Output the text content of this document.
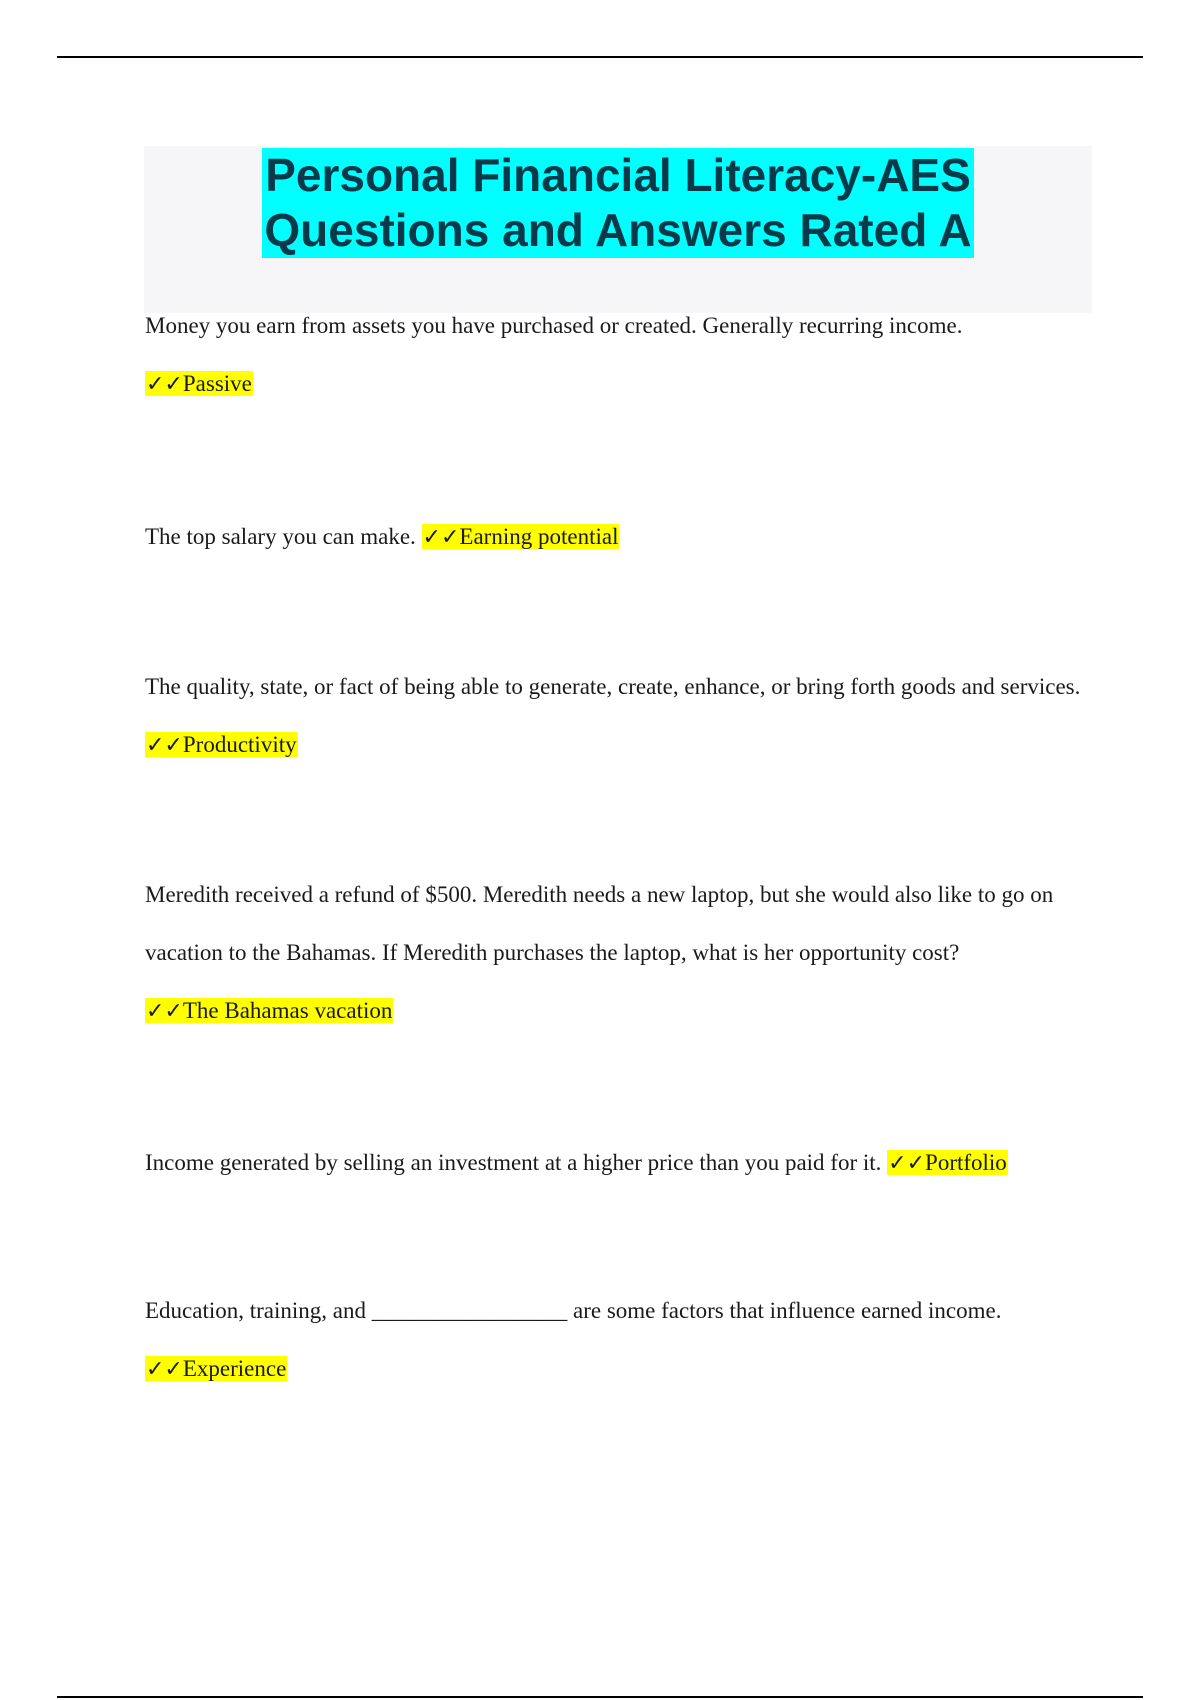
Personal Financial Literacy-AES
Questions and Answers Rated A
Money you earn from assets you have purchased or created. Generally recurring income.
✓✓Passive
The top salary you can make. ✓✓Earning potential
The quality, state, or fact of being able to generate, create, enhance, or bring forth goods and services. ✓✓Productivity
Meredith received a refund of $500. Meredith needs a new laptop, but she would also like to go on vacation to the Bahamas. If Meredith purchases the laptop, what is her opportunity cost?
✓✓The Bahamas vacation
Income generated by selling an investment at a higher price than you paid for it. ✓✓Portfolio
Education, training, and _________________ are some factors that influence earned income.
✓✓Experience
